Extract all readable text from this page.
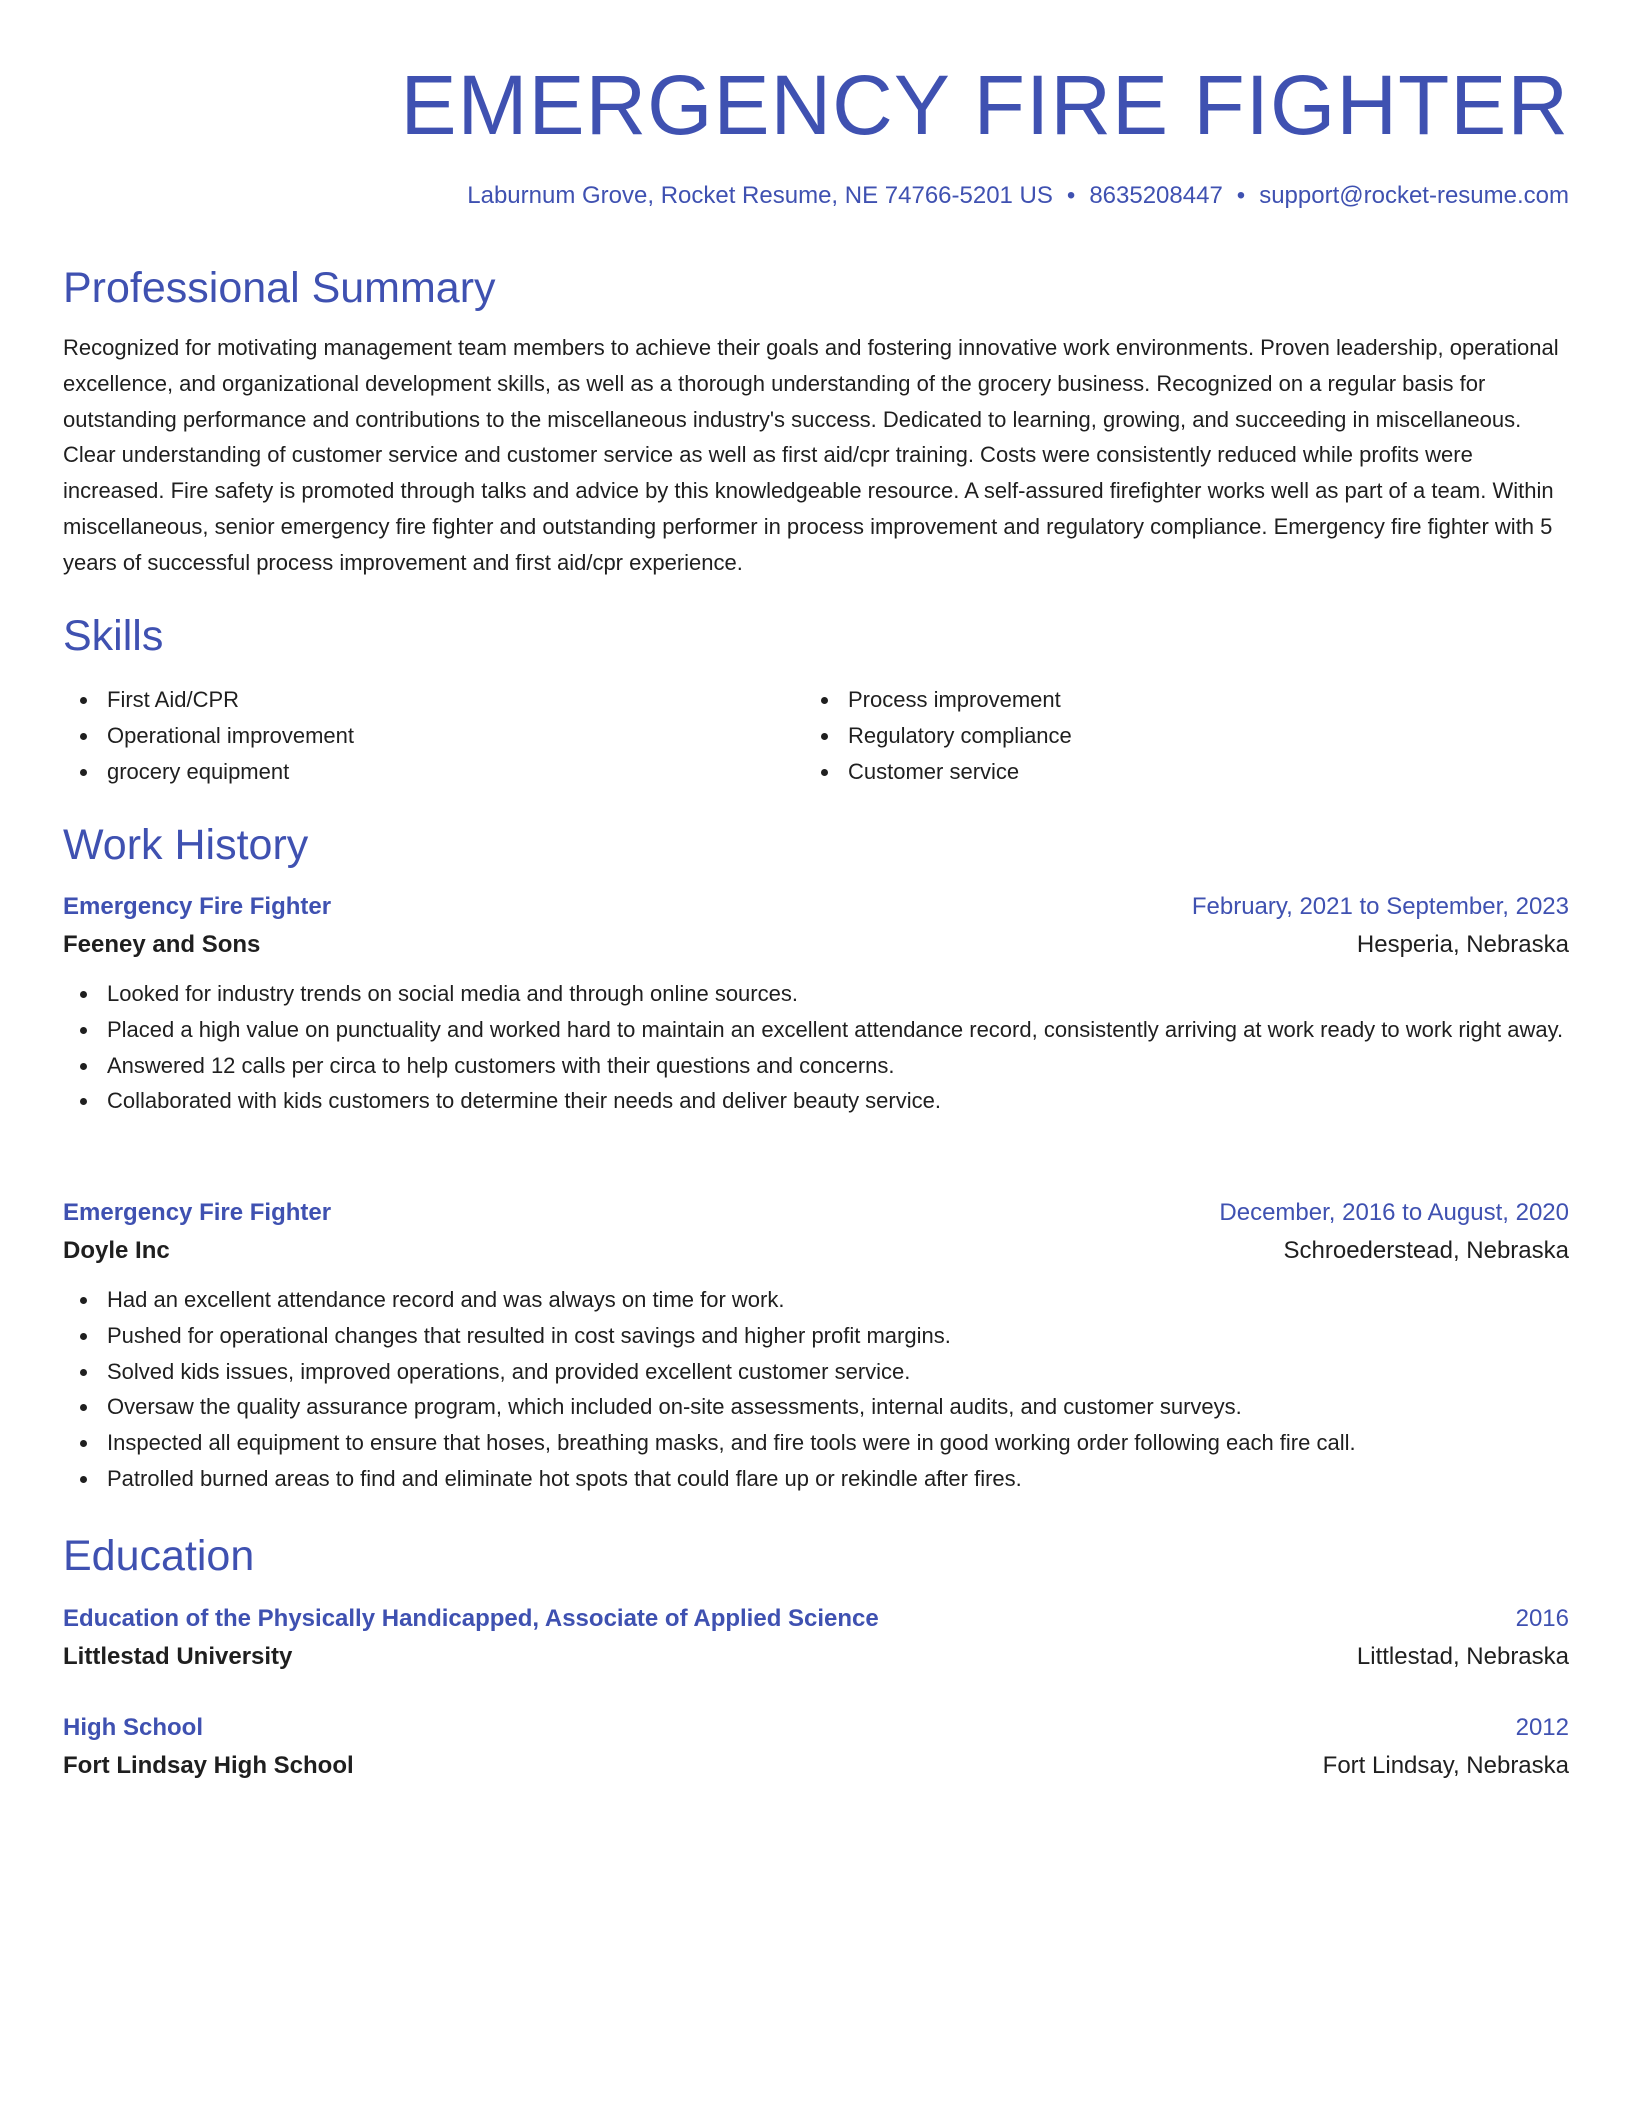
EMERGENCY FIRE FIGHTER
Laburnum Grove, Rocket Resume, NE 74766-5201 US • 8635208447 • support@rocket-resume.com
Professional Summary

Recognized for motivating management team members to achieve their goals and fostering innovative work environments. Proven leadership, operational excellence, and organizational development skills, as well as a thorough understanding of the grocery business. Recognized on a regular basis for outstanding performance and contributions to the miscellaneous industry's success. Dedicated to learning, growing, and succeeding in miscellaneous. Clear understanding of customer service and customer service as well as first aid/cpr training. Costs were consistently reduced while profits were increased. Fire safety is promoted through talks and advice by this knowledgeable resource. A self-assured firefighter works well as part of a team. Within miscellaneous, senior emergency fire fighter and outstanding performer in process improvement and regulatory compliance. Emergency fire fighter with 5 years of successful process improvement and first aid/cpr experience.

Skills
First Aid/CPR
Operational improvement
grocery equipment
Process improvement
Regulatory compliance
Customer service
Work History
Emergency Fire Fighter	February, 2021 to September, 2023
Feeney and Sons	Hesperia, Nebraska
Looked for industry trends on social media and through online sources.
Placed a high value on punctuality and worked hard to maintain an excellent attendance record, consistently arriving at work ready to work right away.
Answered 12 calls per circa to help customers with their questions and concerns.
Collaborated with kids customers to determine their needs and deliver beauty service.
Emergency Fire Fighter	December, 2016 to August, 2020
Doyle Inc	Schroederstead, Nebraska
Had an excellent attendance record and was always on time for work.
Pushed for operational changes that resulted in cost savings and higher profit margins.
Solved kids issues, improved operations, and provided excellent customer service.
Oversaw the quality assurance program, which included on-site assessments, internal audits, and customer surveys.
Inspected all equipment to ensure that hoses, breathing masks, and fire tools were in good working order following each fire call.
Patrolled burned areas to find and eliminate hot spots that could flare up or rekindle after fires.
Education
Education of the Physically Handicapped, Associate of Applied Science	2016
Littlestad University	Littlestad, Nebraska
High School	2012
Fort Lindsay High School	Fort Lindsay, Nebraska
